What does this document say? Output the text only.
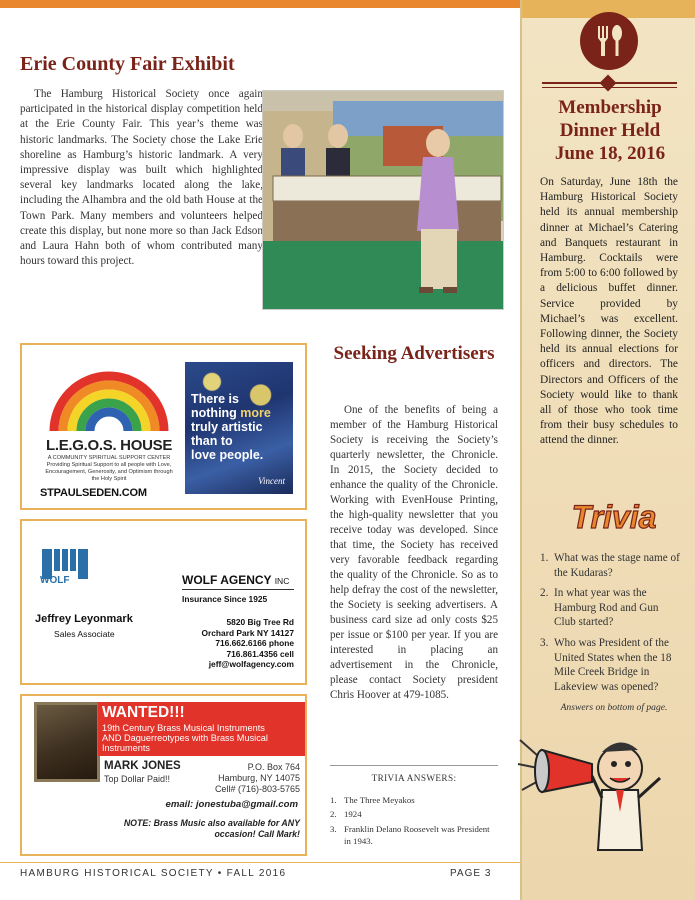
Erie County Fair Exhibit

The Hamburg Historical Society once again participated in the historical display competition held at the Erie County Fair. This year’s theme was historic landmarks. The Society chose the Lake Erie shoreline as Hamburg’s historic landmark. A very impressive display was built which highlighted several key landmarks located along the lake, including the Alhambra and the old bath House at the Town Park. Many members and volunteers helped create this display, but none more so than Jack Edson and Laura Hahn both of whom contributed many hours toward this project.

L.E.G.O.S. HOUSE
A COMMUNITY SPIRITUAL SUPPORT CENTER
Providing Spiritual Support to all people with Love, Encouragement, Generosity, and Optimism through the Holy Spirit
STPAULSEDEN.COM
There is
nothing more
truly artistic
than to
love people.
Vincent
WOLF	WOLF AGENCY INC
Insurance Since 1925
Jeffrey Leyonmark
Sales Associate
5820 Big Tree Rd
Orchard Park NY 14127
716.662.6166 phone
716.861.4356 cell
jeff@wolfagency.com
WANTED!!!
19th Century Brass Musical Instruments
AND Daguerreotypes with Brass Musical
Instruments
MARK JONES
Top Dollar Paid!!
P.O. Box 764
Hamburg, NY 14075
Cell# (716)-803-5765
email: jonestuba@gmail.com
NOTE: Brass Music also available for ANY occasion! Call Mark!
Seeking Advertisers

One of the benefits of being a member of the Hamburg Historical Society is receiving the Society’s quarterly newsletter, the Chronicle. In 2015, the Society decided to enhance the quality of the Chronicle. Working with EvenHouse Printing, the high-quality newsletter that you receive today was developed. Since that time, the Society has received very favorable feedback regarding the quality of the Chronicle. So as to help defray the cost of the newsletter, the Society is seeking advertisers. A business card size ad only costs $25 per issue or $100 per year. If you are interested in placing an advertisement in the Chronicle, please contact Society president Chris Hoover at 479-1085.

TRIVIA ANSWERS:
1. The Three Meyakos
2. 1924
3. Franklin Delano Roosevelt was President in 1943.
Membership Dinner Held June 18, 2016

On Saturday, June 18th the Hamburg Historical Society held its annual membership dinner at Michael’s Catering and Banquets restaurant in Hamburg. Cocktails were from 5:00 to 6:00 followed by a delicious buffet dinner. Service provided by Michael’s was excellent. Following dinner, the Society held its annual elections for officers and directors. The Directors and Officers of the Society would like to thank all of those who took time from their busy schedules to attend the dinner.

Trivia
1. What was the stage name of the Kudaras?
2. In what year was the Hamburg Rod and Gun Club started?
3. Who was President of the United States when the 18 Mile Creek Bridge in Lakeview was opened?
Answers on bottom of page.
HAMBURG HISTORICAL SOCIETY • FALL 2016	PAGE 3
